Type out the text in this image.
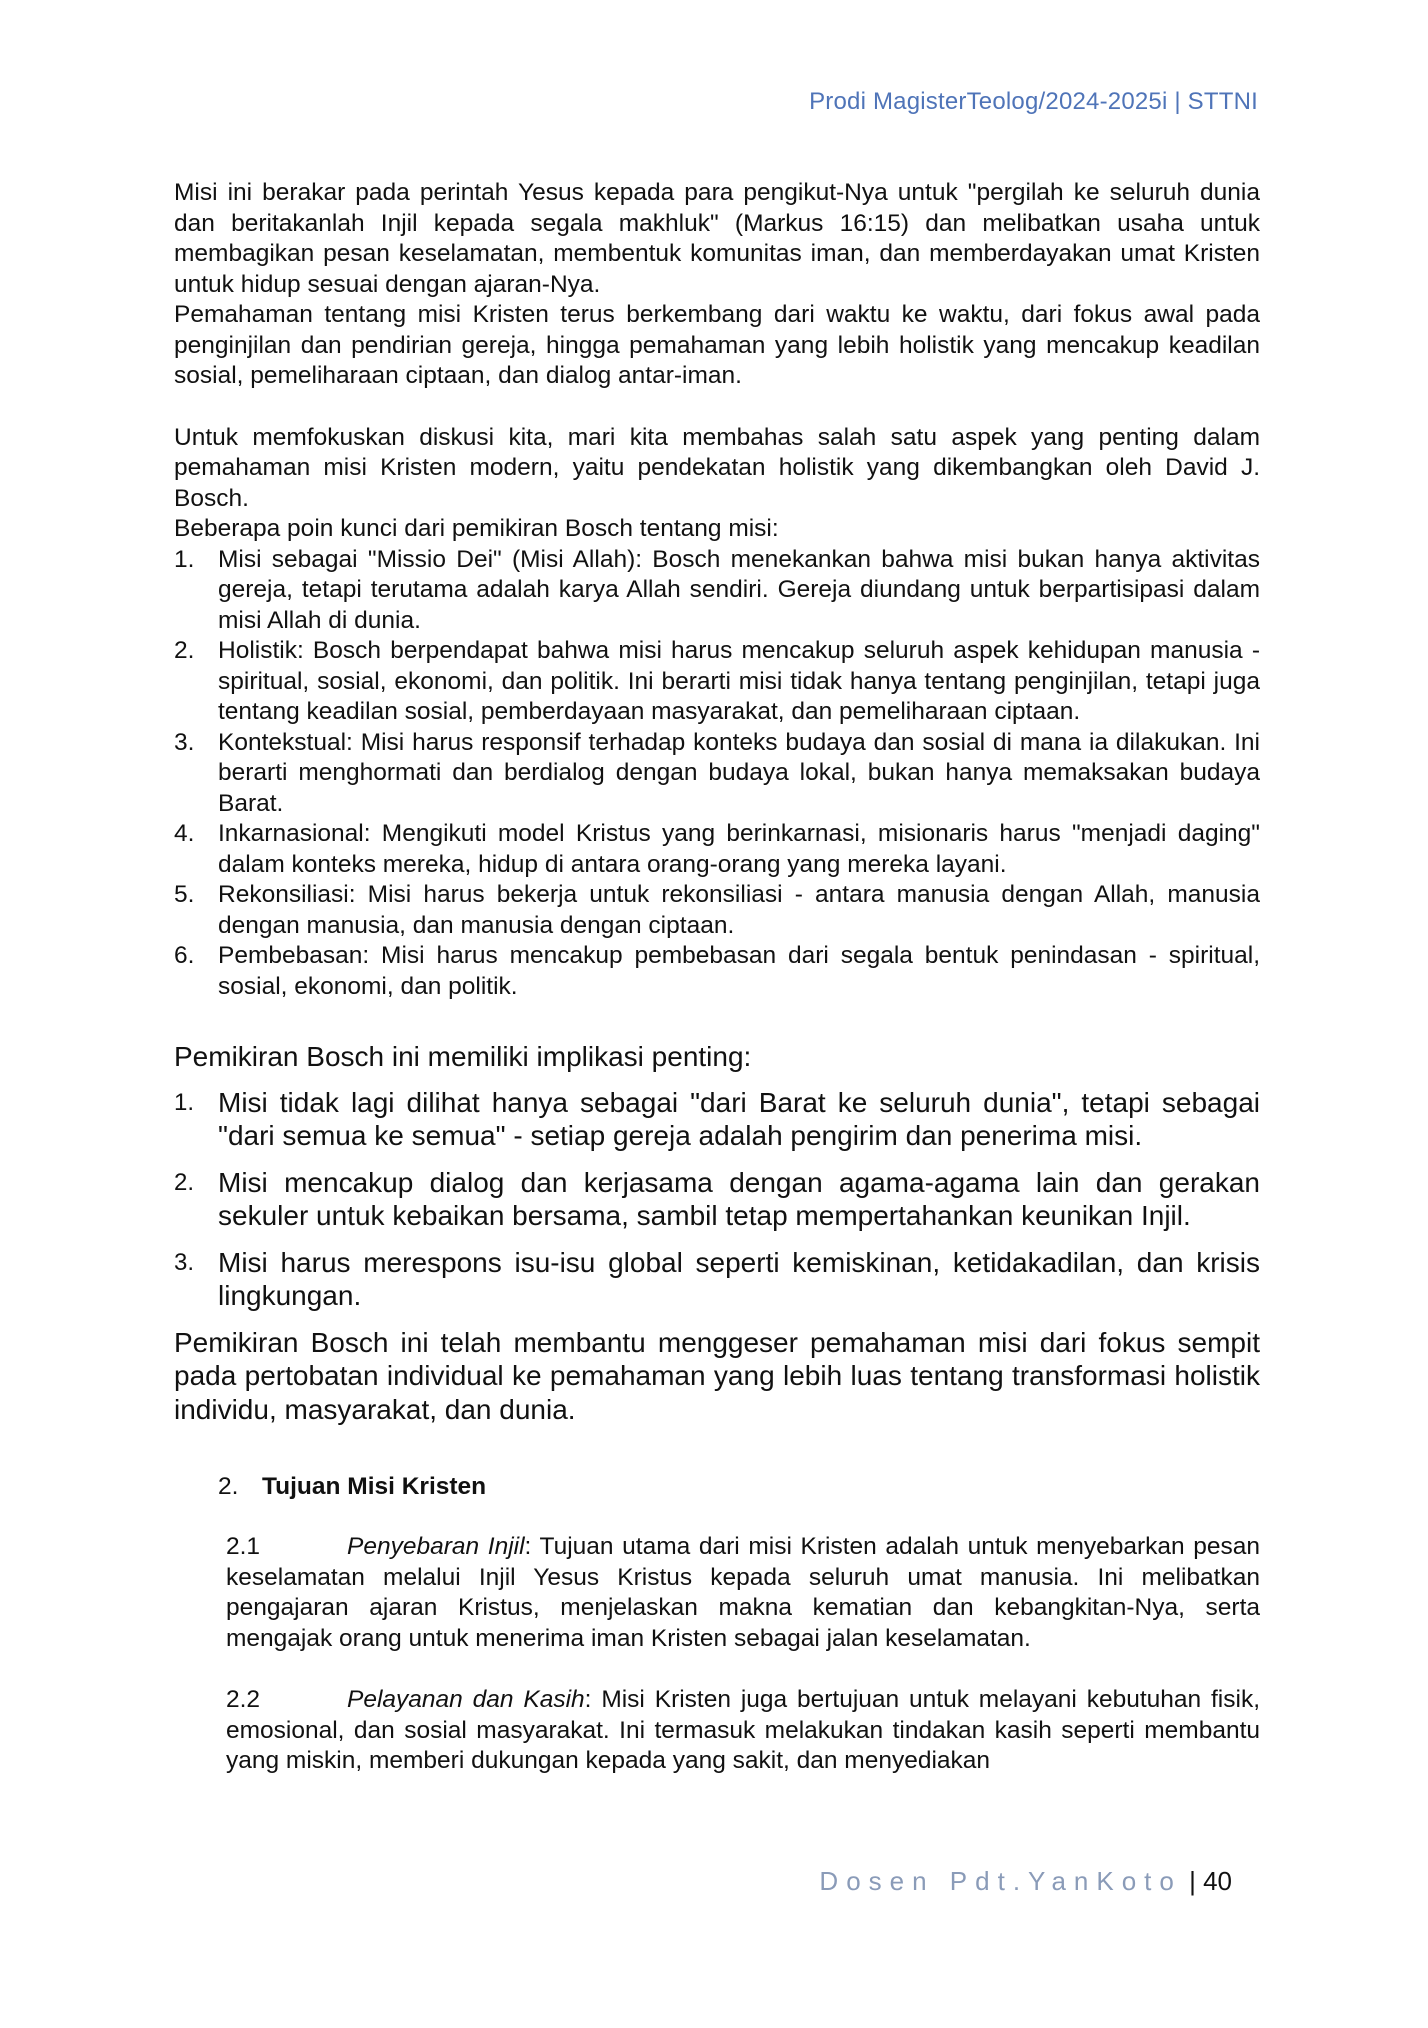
Prodi MagisterTeolog/2024-2025i | STTNI

Misi ini berakar pada perintah Yesus kepada para pengikut-Nya untuk "pergilah ke seluruh dunia dan beritakanlah Injil kepada segala makhluk" (Markus 16:15) dan melibatkan usaha untuk membagikan pesan keselamatan, membentuk komunitas iman, dan memberdayakan umat Kristen untuk hidup sesuai dengan ajaran-Nya.

Pemahaman tentang misi Kristen terus berkembang dari waktu ke waktu, dari fokus awal pada penginjilan dan pendirian gereja, hingga pemahaman yang lebih holistik yang mencakup keadilan sosial, pemeliharaan ciptaan, dan dialog antar-iman.

Untuk memfokuskan diskusi kita, mari kita membahas salah satu aspek yang penting dalam pemahaman misi Kristen modern, yaitu pendekatan holistik yang dikembangkan oleh David J. Bosch.

Beberapa poin kunci dari pemikiran Bosch tentang misi:

1. Misi sebagai "Missio Dei" (Misi Allah): Bosch menekankan bahwa misi bukan hanya aktivitas gereja, tetapi terutama adalah karya Allah sendiri. Gereja diundang untuk berpartisipasi dalam misi Allah di dunia.
2. Holistik: Bosch berpendapat bahwa misi harus mencakup seluruh aspek kehidupan manusia - spiritual, sosial, ekonomi, dan politik. Ini berarti misi tidak hanya tentang penginjilan, tetapi juga tentang keadilan sosial, pemberdayaan masyarakat, dan pemeliharaan ciptaan.
3. Kontekstual: Misi harus responsif terhadap konteks budaya dan sosial di mana ia dilakukan. Ini berarti menghormati dan berdialog dengan budaya lokal, bukan hanya memaksakan budaya Barat.
4. Inkarnasional: Mengikuti model Kristus yang berinkarnasi, misionaris harus "menjadi daging" dalam konteks mereka, hidup di antara orang-orang yang mereka layani.
5. Rekonsiliasi: Misi harus bekerja untuk rekonsiliasi - antara manusia dengan Allah, manusia dengan manusia, dan manusia dengan ciptaan.
6. Pembebasan: Misi harus mencakup pembebasan dari segala bentuk penindasan - spiritual, sosial, ekonomi, dan politik.

Pemikiran Bosch ini memiliki implikasi penting:

1. Misi tidak lagi dilihat hanya sebagai "dari Barat ke seluruh dunia", tetapi sebagai "dari semua ke semua" - setiap gereja adalah pengirim dan penerima misi.
2. Misi mencakup dialog dan kerjasama dengan agama-agama lain dan gerakan sekuler untuk kebaikan bersama, sambil tetap mempertahankan keunikan Injil.
3. Misi harus merespons isu-isu global seperti kemiskinan, ketidakadilan, dan krisis lingkungan.

Pemikiran Bosch ini telah membantu menggeser pemahaman misi dari fokus sempit pada pertobatan individual ke pemahaman yang lebih luas tentang transformasi holistik individu, masyarakat, dan dunia.

2. Tujuan Misi Kristen

2.1	Penyebaran Injil: Tujuan utama dari misi Kristen adalah untuk menyebarkan pesan keselamatan melalui Injil Yesus Kristus kepada seluruh umat manusia. Ini melibatkan pengajaran ajaran Kristus, menjelaskan makna kematian dan kebangkitan-Nya, serta mengajak orang untuk menerima iman Kristen sebagai jalan keselamatan.

2.2	Pelayanan dan Kasih: Misi Kristen juga bertujuan untuk melayani kebutuhan fisik, emosional, dan sosial masyarakat. Ini termasuk melakukan tindakan kasih seperti membantu yang miskin, memberi dukungan kepada yang sakit, dan menyediakan

Dosen Pdt.YanKoto | 40
